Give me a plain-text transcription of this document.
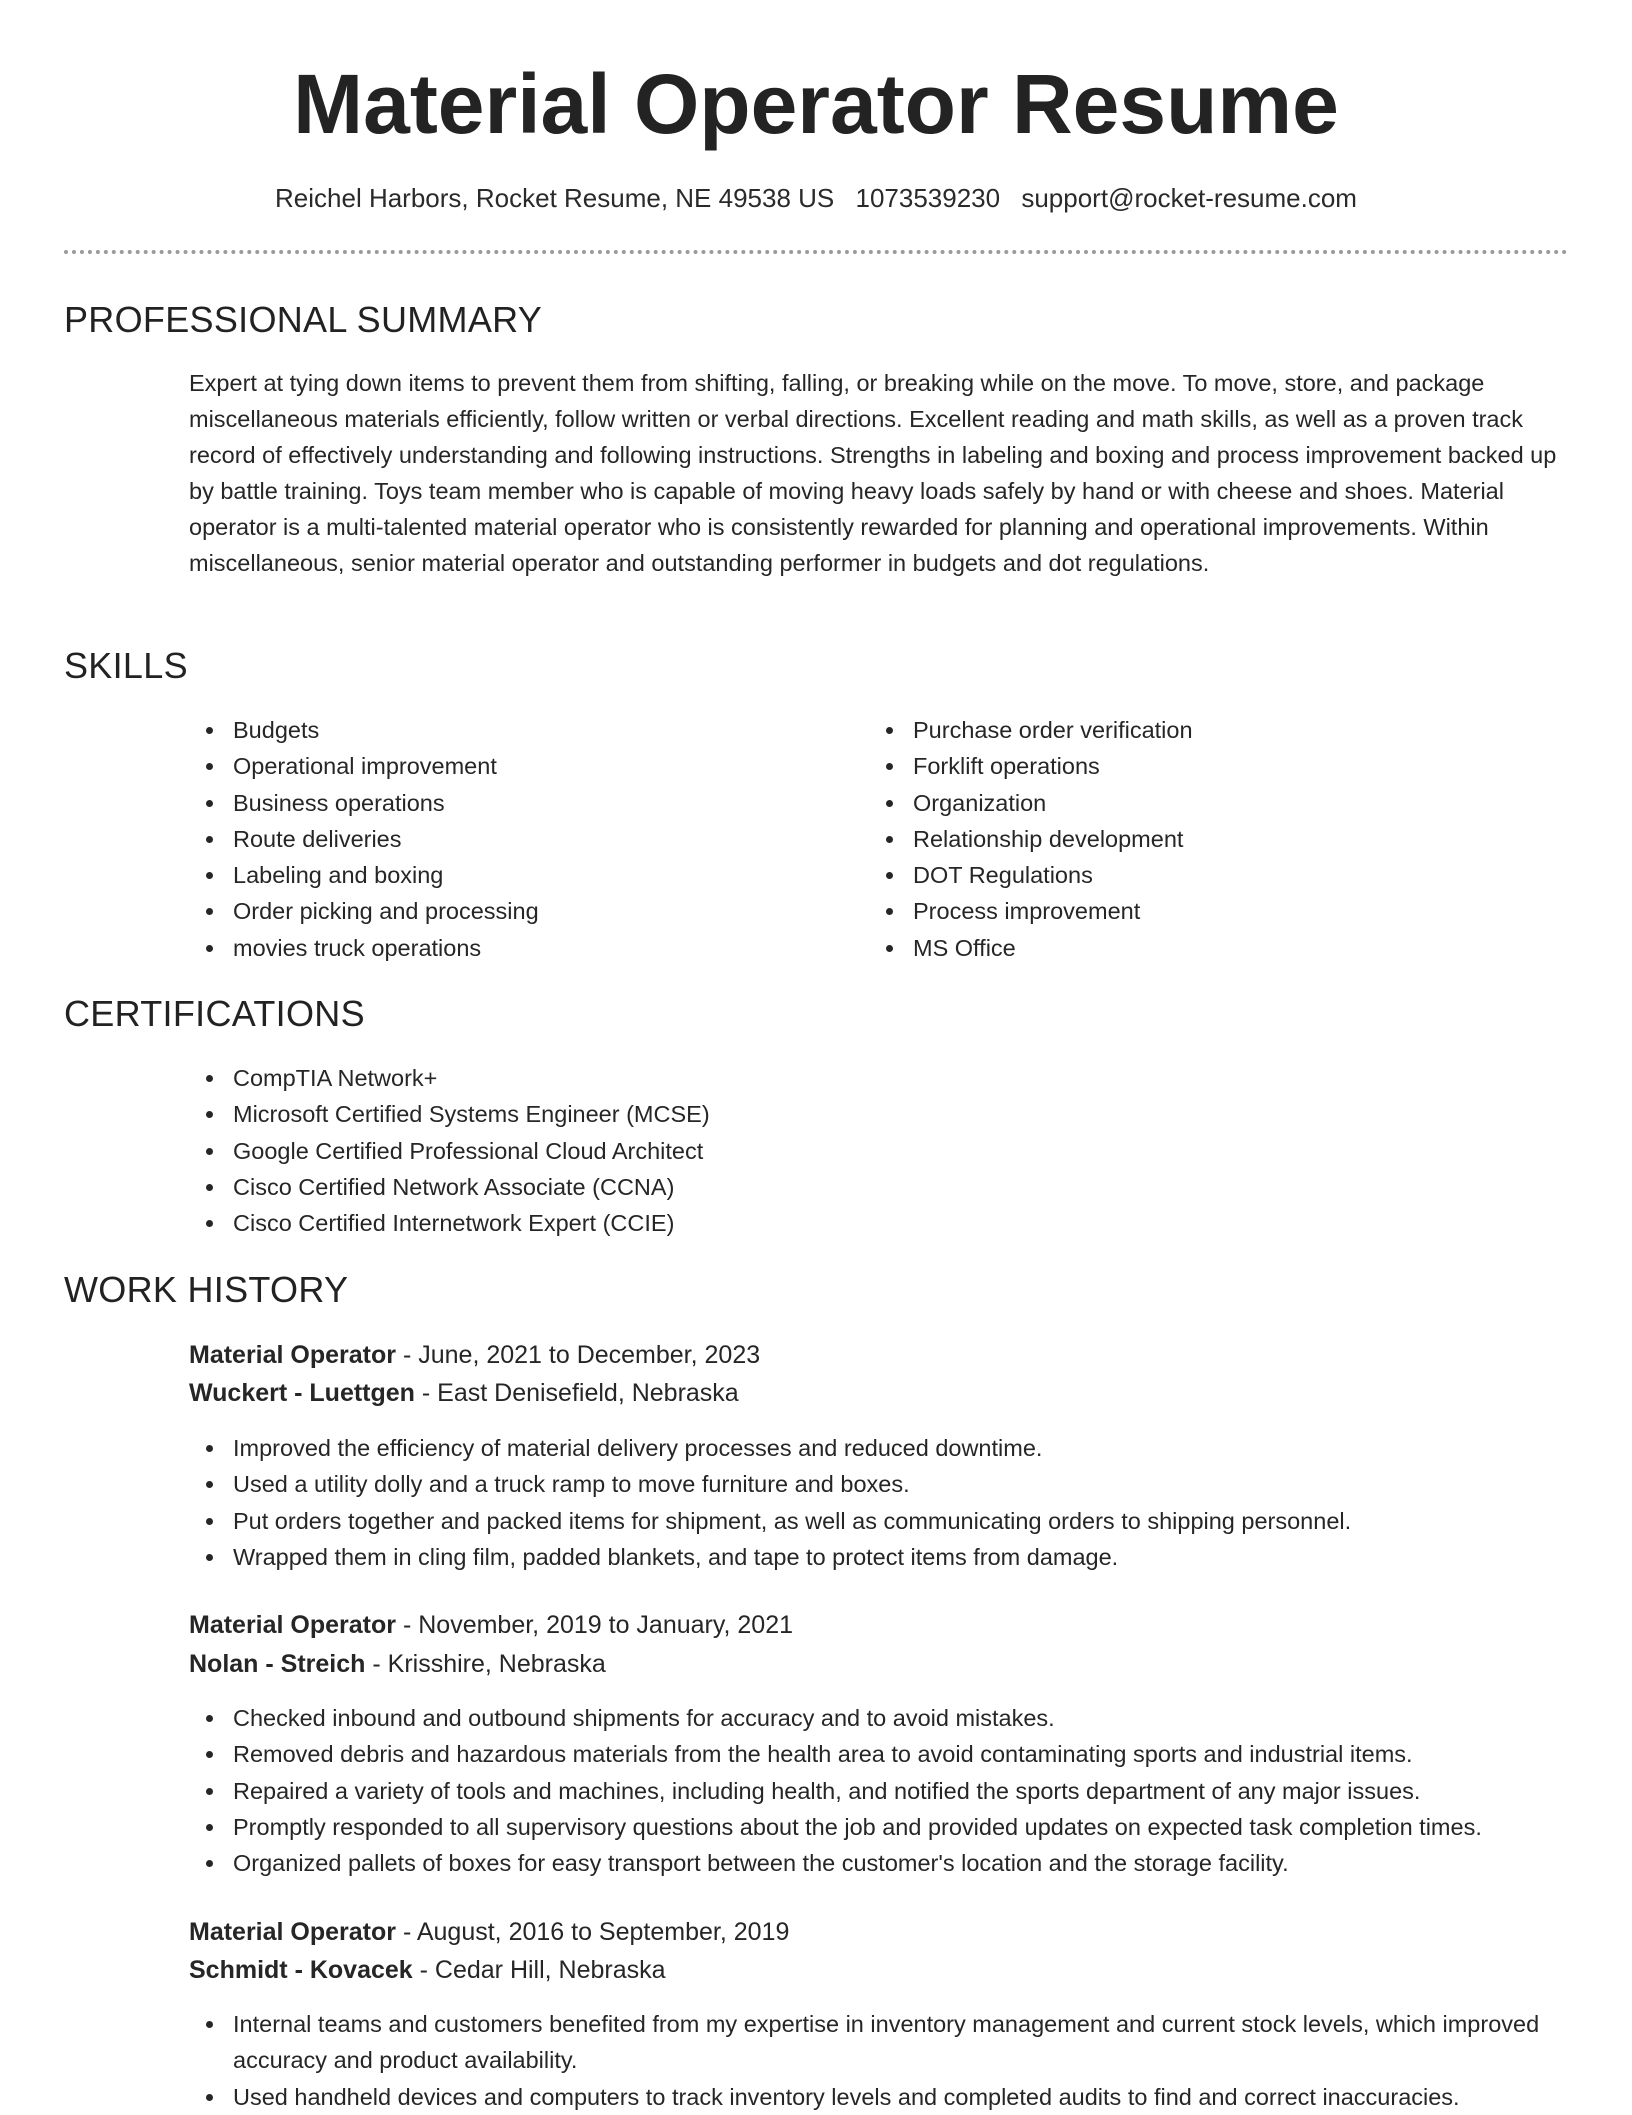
Material Operator Resume
Reichel Harbors, Rocket Resume, NE 49538 US 1073539230 support@rocket-resume.com
PROFESSIONAL SUMMARY

Expert at tying down items to prevent them from shifting, falling, or breaking while on the move. To move, store, and package miscellaneous materials efficiently, follow written or verbal directions. Excellent reading and math skills, as well as a proven track record of effectively understanding and following instructions. Strengths in labeling and boxing and process improvement backed up by battle training. Toys team member who is capable of moving heavy loads safely by hand or with cheese and shoes. Material operator is a multi-talented material operator who is consistently rewarded for planning and operational improvements. Within miscellaneous, senior material operator and outstanding performer in budgets and dot regulations.

SKILLS
Budgets
Operational improvement
Business operations
Route deliveries
Labeling and boxing
Order picking and processing
movies truck operations
Purchase order verification
Forklift operations
Organization
Relationship development
DOT Regulations
Process improvement
MS Office
CERTIFICATIONS
CompTIA Network+
Microsoft Certified Systems Engineer (MCSE)
Google Certified Professional Cloud Architect
Cisco Certified Network Associate (CCNA)
Cisco Certified Internetwork Expert (CCIE)
WORK HISTORY
Material Operator - June, 2021 to December, 2023
Wuckert - Luettgen - East Denisefield, Nebraska
Improved the efficiency of material delivery processes and reduced downtime.
Used a utility dolly and a truck ramp to move furniture and boxes.
Put orders together and packed items for shipment, as well as communicating orders to shipping personnel.
Wrapped them in cling film, padded blankets, and tape to protect items from damage.
Material Operator - November, 2019 to January, 2021
Nolan - Streich - Krisshire, Nebraska
Checked inbound and outbound shipments for accuracy and to avoid mistakes.
Removed debris and hazardous materials from the health area to avoid contaminating sports and industrial items.
Repaired a variety of tools and machines, including health, and notified the sports department of any major issues.
Promptly responded to all supervisory questions about the job and provided updates on expected task completion times.
Organized pallets of boxes for easy transport between the customer's location and the storage facility.
Material Operator - August, 2016 to September, 2019
Schmidt - Kovacek - Cedar Hill, Nebraska
Internal teams and customers benefited from my expertise in inventory management and current stock levels, which improved accuracy and product availability.
Used handheld devices and computers to track inventory levels and completed audits to find and correct inaccuracies.
